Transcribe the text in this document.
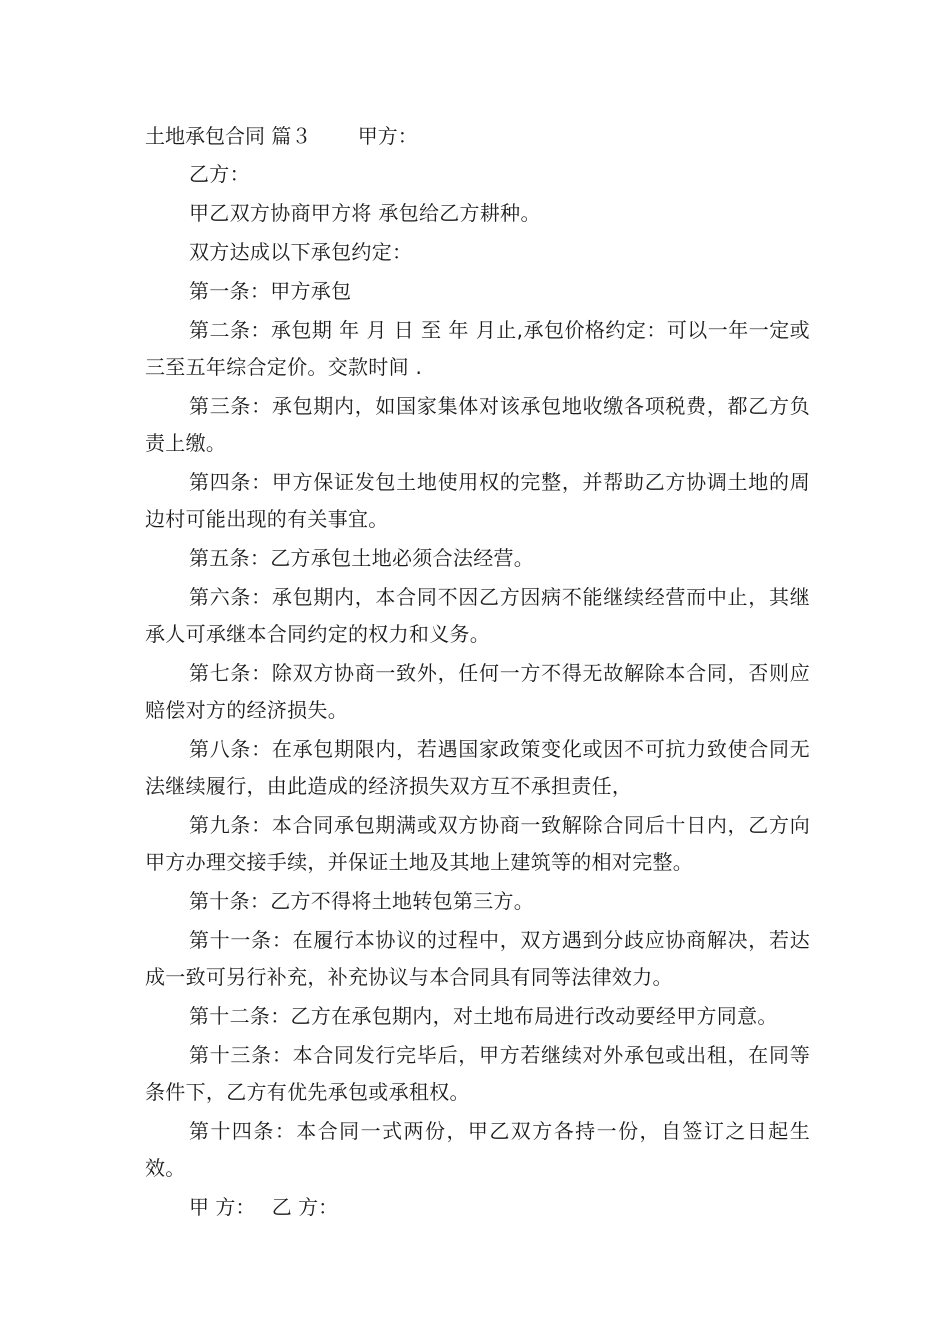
土地承包合同 篇３ 甲方：

乙方：

甲乙双方协商甲方将 承包给乙方耕种。

双方达成以下承包约定：

第一条：甲方承包

第二条：承包期 年 月 日 至 年 月止,承包价格约定：可以一年一定或三至五年综合定价。交款时间 .

第三条：承包期内，如国家集体对该承包地收缴各项税费，都乙方负责上缴。

第四条：甲方保证发包土地使用权的完整，并帮助乙方协调土地的周边村可能出现的有关事宜。

第五条：乙方承包土地必须合法经营。

第六条：承包期内，本合同不因乙方因病不能继续经营而中止，其继承人可承继本合同约定的权力和义务。

第七条：除双方协商一致外，任何一方不得无故解除本合同，否则应赔偿对方的经济损失。

第八条：在承包期限内，若遇国家政策变化或因不可抗力致使合同无法继续履行，由此造成的经济损失双方互不承担责任，

第九条：本合同承包期满或双方协商一致解除合同后十日内，乙方向甲方办理交接手续，并保证土地及其地上建筑等的相对完整。

第十条：乙方不得将土地转包第三方。

第十一条：在履行本协议的过程中，双方遇到分歧应协商解决，若达成一致可另行补充，补充协议与本合同具有同等法律效力。

第十二条：乙方在承包期内，对土地布局进行改动要经甲方同意。

第十三条：本合同发行完毕后，甲方若继续对外承包或出租，在同等条件下，乙方有优先承包或承租权。

第十四条：本合同一式两份，甲乙双方各持一份，自签订之日起生效。

甲 方： 乙 方：
